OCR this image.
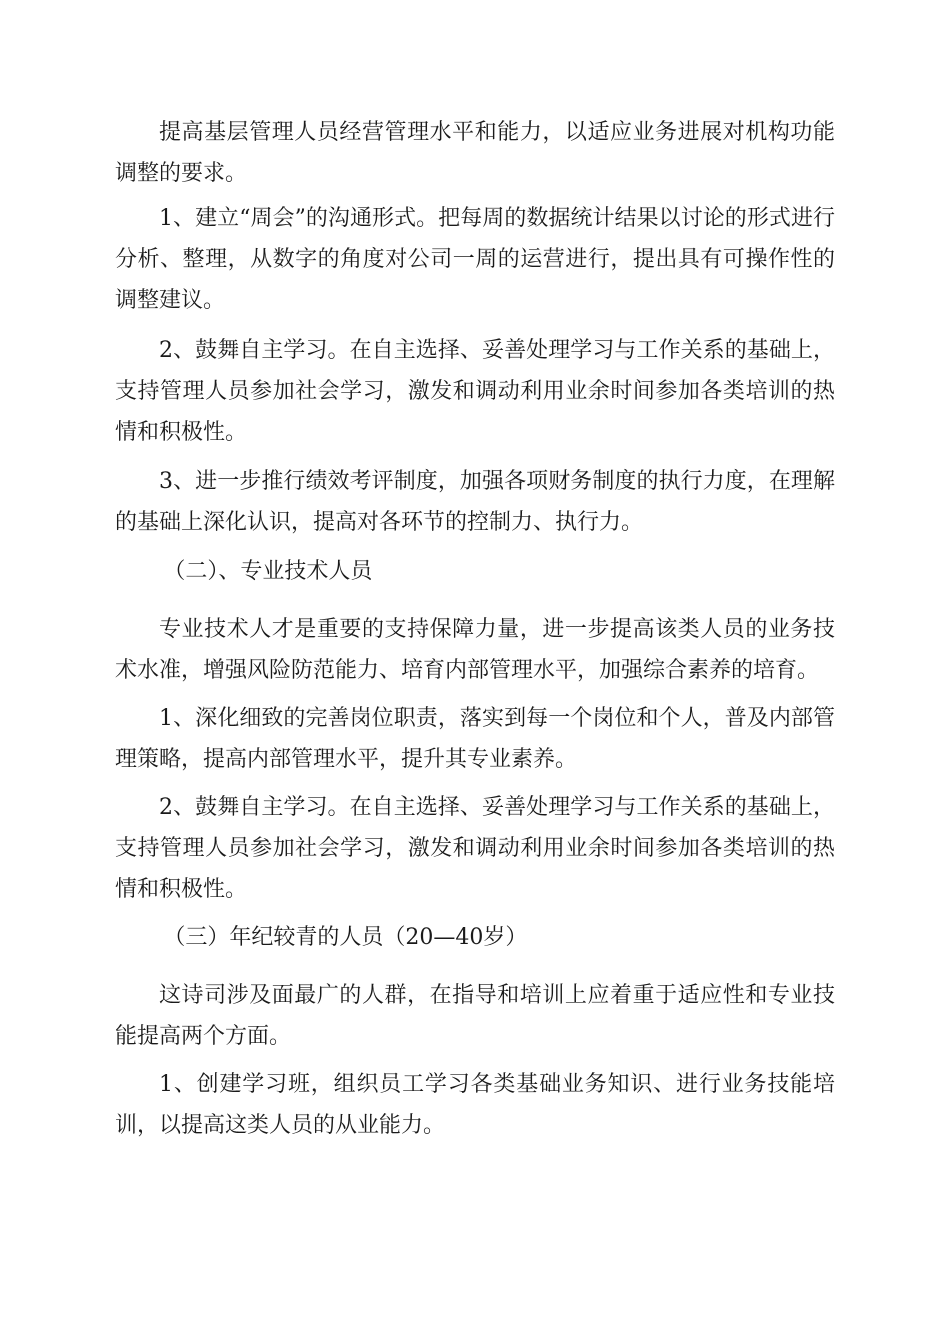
提高基层管理人员经营管理水平和能力，以适应业务进展对机构功能调整的要求。

1、建立“周会”的沟通形式。把每周的数据统计结果以讨论的形式进行分析、整理，从数字的角度对公司一周的运营进行，提出具有可操作性的调整建议。

2、鼓舞自主学习。在自主选择、妥善处理学习与工作关系的基础上，支持管理人员参加社会学习，激发和调动利用业余时间参加各类培训的热情和积极性。

3、进一步推行绩效考评制度，加强各项财务制度的执行力度，在理解的基础上深化认识，提高对各环节的控制力、执行力。

（二）、专业技术人员

专业技术人才是重要的支持保障力量，进一步提高该类人员的业务技术水准，增强风险防范能力、培育内部管理水平，加强综合素养的培育。

1、深化细致的完善岗位职责，落实到每一个岗位和个人，普及内部管理策略，提高内部管理水平，提升其专业素养。

2、鼓舞自主学习。在自主选择、妥善处理学习与工作关系的基础上，支持管理人员参加社会学习，激发和调动利用业余时间参加各类培训的热情和积极性。

（三）年纪较青的人员（20—40岁）

这诗司涉及面最广的人群，在指导和培训上应着重于适应性和专业技能提高两个方面。

1、创建学习班，组织员工学习各类基础业务知识、进行业务技能培训，以提高这类人员的从业能力。
